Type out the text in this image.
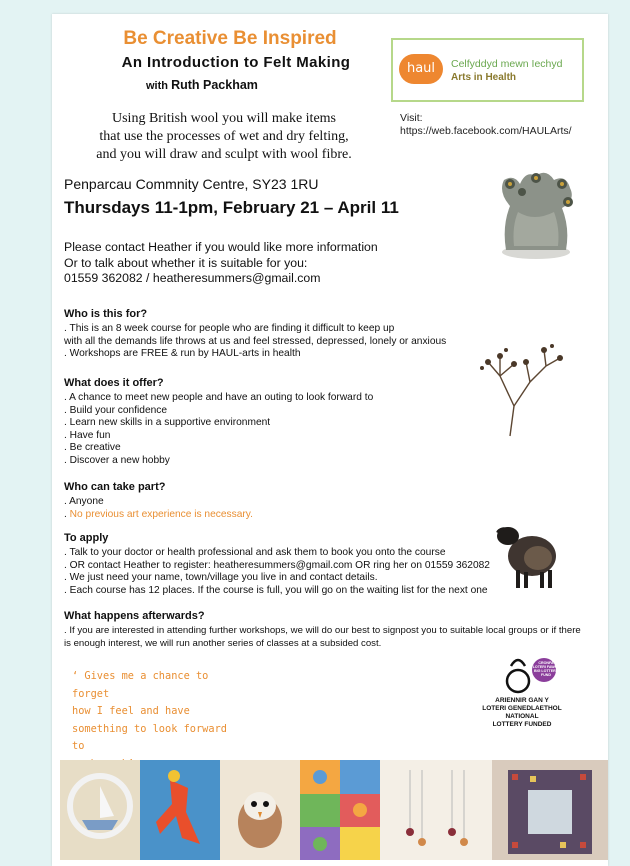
Be Creative Be Inspired
An Introduction to Felt Making
with Ruth Packham
haul	Celfyddyd mewn Iechyd
Arts in Health
Visit:
https://web.facebook.com/HAULArts/
Using British wool you will make items
that use the processes of wet and dry felting,
and you will draw and sculpt with wool fibre.
Penparcau Commnity Centre, SY23 1RU
Thursdays 11-1pm, February 21 – April 11
Please contact Heather if you would like more information
Or to talk about whether it is suitable for you:
01559 362082 / heatheresummers@gmail.com
Who is this for?
. This is an 8 week course for people who are finding it difficult to keep up
with all the demands life throws at us and feel stressed, depressed, lonely or anxious
. Workshops are FREE & run by HAUL-arts in health
What does it offer?
. A chance to meet new people and have an outing to look forward to
. Build your confidence
. Learn new skills in a supportive environment
. Have fun
. Be creative
. Discover a new hobby
Who can take part?
. Anyone
. No previous art experience is necessary.
To apply
. Talk to your doctor or health professional and ask them to book you onto the course
. OR contact Heather to register: heatheresummers@gmail.com OR ring her on 01559 362082
. We just need your name, town/village you live in and contact details.
. Each course has 12 places. If the course is full, you will go on the waiting list for the next one
What happens afterwards?
. If you are interested in attending further workshops, we will do our best to signpost you to suitable local groups or if there
is enough interest, we will run another series of classes at a subsided cost.
‘ Gives me a chance to forget
how I feel and have
something to look forward to
CRONFA LOTERI FAWR / BIG LOTTERY FUND
ARIENNIR GAN Y
LOTERI GENEDLAETHOL
NATIONAL
LOTTERY FUNDED
